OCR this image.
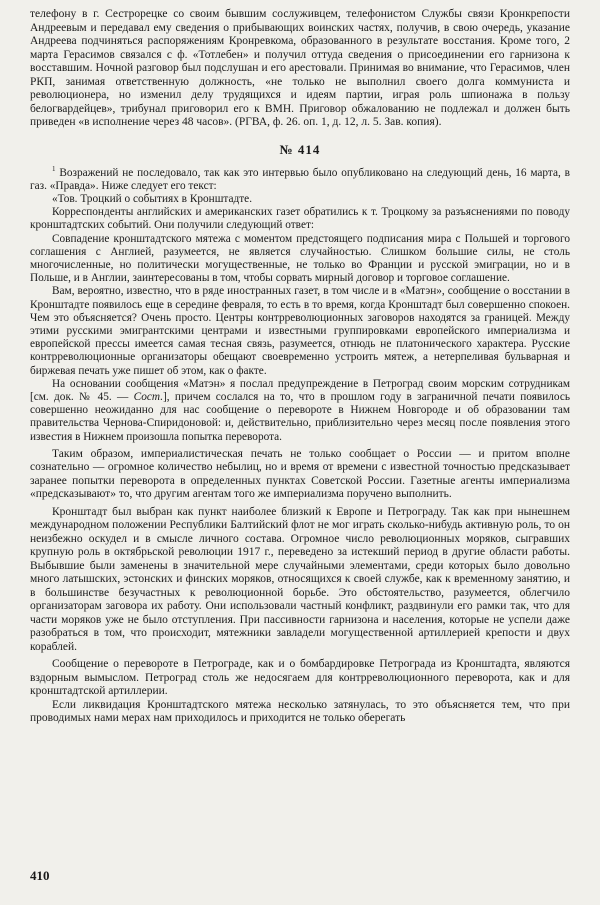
телефону в г. Сестрорецке со своим бывшим сослуживцем, телефонистом Службы связи Кронкрепости Андреевым и передавал ему сведения о прибывающих воинских частях, получив, в свою очередь, указание Андреева подчиняться распоряжениям Кронревкома, образованного в результате восстания. Кроме того, 2 марта Герасимов связался с ф. «Тотлебен» и получил оттуда сведения о присоединении его гарнизона к восставшим. Ночной разговор был подслушан и его арестовали. Принимая во внимание, что Герасимов, член РКП, занимая ответственную должность, «не только не выполнил своего долга коммуниста и революционера, но изменил делу трудящихся и идеям партии, играя роль шпионажа в пользу белогвардейцев», трибунал приговорил его к ВМН. Приговор обжалованию не подлежал и должен быть приведен «в исполнение через 48 часов». (РГВА, ф. 26. оп. 1, д. 12, л. 5. Зав. копия).

№ 414

$^1$ Возражений не последовало, так как это интервью было опубликовано на следующий день, 16 марта, в газ. «Правда». Ниже следует его текст:

«Тов. Троцкий о событиях в Кронштадте.

Корреспонденты английских и американских газет обратились к т. Троцкому за разъяснениями по поводу кронштадтских событий. Они получили следующий ответ:

Совпадение кронштадтского мятежа с моментом предстоящего подписания мира с Польшей и торгового соглашения с Англией, разумеется, не является случайностью. Слишком большие силы, не столь многочисленные, но политически могущественные, не только во Франции и русской эмиграции, но и в Польше, и в Англии, заинтересованы в том, чтобы сорвать мирный договор и торговое соглашение.

Вам, вероятно, известно, что в ряде иностранных газет, в том числе и в «Матэн», сообщение о восстании в Кронштадте появилось еще в середине февраля, то есть в то время, когда Кронштадт был совершенно спокоен. Чем это объясняется? Очень просто. Центры контрреволюционных заговоров находятся за границей. Между этими русскими эмигрантскими центрами и известными группировками европейского империализма и европейской прессы имеется самая тесная связь, разумеется, отнюдь не платонического характера. Русские контрреволюционные организаторы обещают своевременно устроить мятеж, а нетерпеливая бульварная и биржевая печать уже пишет об этом, как о факте.

На основании сообщения «Матэн» я послал предупреждение в Петроград своим морским сотрудникам [см. док. № 45. — Сост.], причем сослался на то, что в прошлом году в заграничной печати появилось совершенно неожиданно для нас сообщение о перевороте в Нижнем Новгороде и об образовании там правительства Чернова-Спиридоновой: и, действительно, приблизительно через месяц после появления этого известия в Нижнем произошла попытка переворота.

Таким образом, империалистическая печать не только сообщает о России — и притом вполне сознательно — огромное количество небылиц, но и время от времени с известной точностью предсказывает заранее попытки переворота в определенных пунктах Советской России. Газетные агенты империализма «предсказывают» то, что другим агентам того же империализма поручено выполнить.

Кронштадт был выбран как пункт наиболее близкий к Европе и Петрограду. Так как при нынешнем международном положении Республики Балтийский флот не мог играть сколько-нибудь активную роль, то он неизбежно оскудел и в смысле личного состава. Огромное число революционных моряков, сыгравших крупную роль в октябрьской революции 1917 г., переведено за истекший период в другие области работы. Выбывшие были заменены в значительной мере случайными элементами, среди которых было довольно много латышских, эстонских и финских моряков, относящихся к своей службе, как к временному занятию, и в большинстве безучастных к революционной борьбе. Это обстоятельство, разумеется, облегчило организаторам заговора их работу. Они использовали частный конфликт, раздвинули его рамки так, что для части моряков уже не было отступления. При пассивности гарнизона и населения, которые не успели даже разобраться в том, что происходит, мятежники завладели могущественной артиллерией крепости и двух кораблей.

Сообщение о перевороте в Петрограде, как и о бомбардировке Петрограда из Кронштадта, являются вздорным вымыслом. Петроград столь же недосягаем для контрреволюционного переворота, как и для кронштадтской артиллерии.

Если ликвидация Кронштадтского мятежа несколько затянулась, то это объясняется тем, что при проводимых нами мерах нам приходилось и приходится не только оберегать

410
